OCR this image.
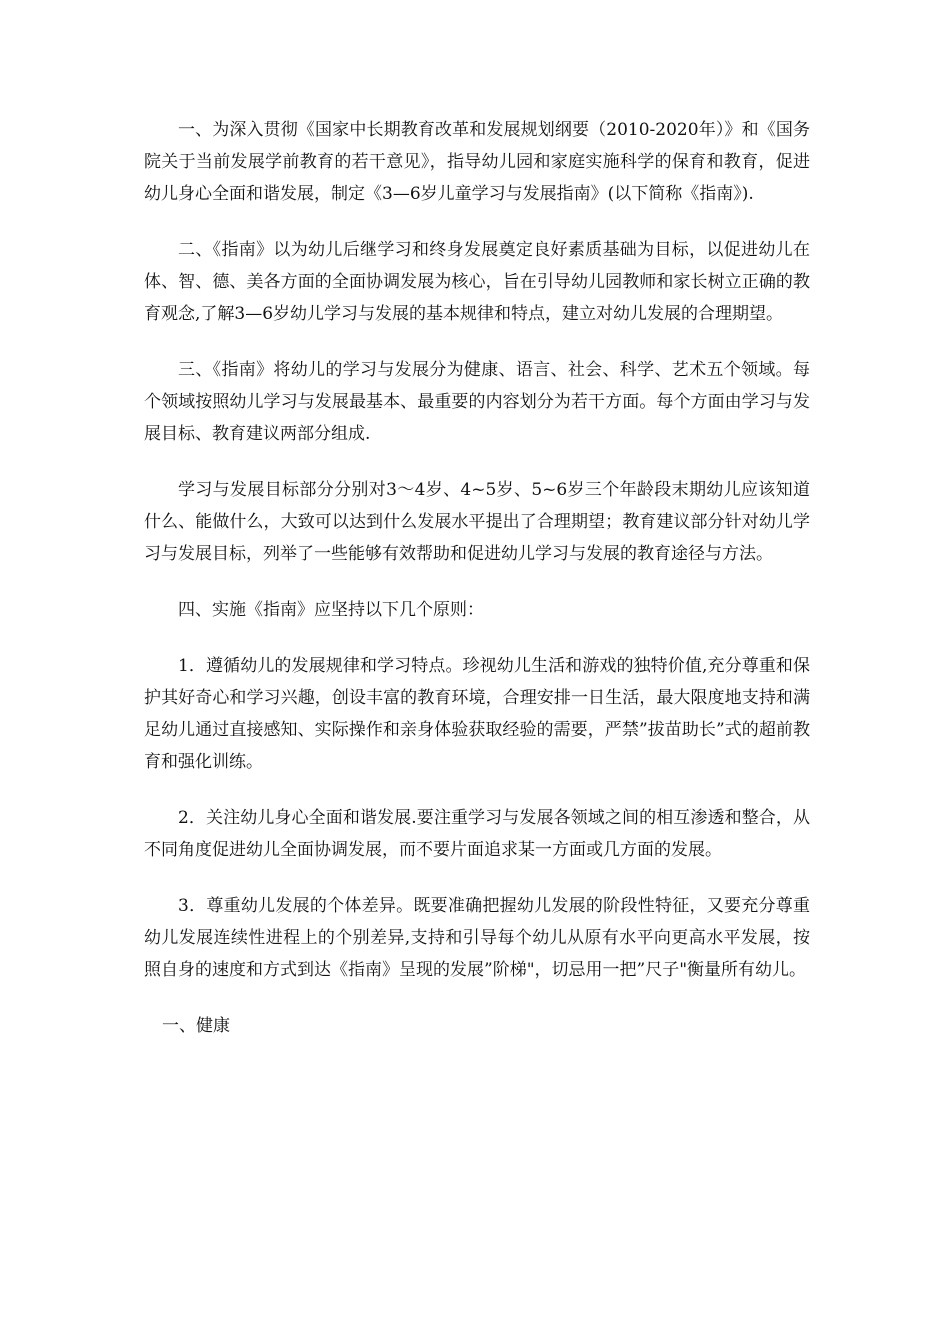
一、为深入贯彻《国家中长期教育改革和发展规划纲要（2010-2020年）》和《国务院关于当前发展学前教育的若干意见》，指导幼儿园和家庭实施科学的保育和教育，促进幼儿身心全面和谐发展，制定《3—6岁儿童学习与发展指南》(以下简称《指南》).

二、《指南》以为幼儿后继学习和终身发展奠定良好素质基础为目标，以促进幼儿在体、智、德、美各方面的全面协调发展为核心，旨在引导幼儿园教师和家长树立正确的教育观念,了解3—6岁幼儿学习与发展的基本规律和特点，建立对幼儿发展的合理期望。

三、《指南》将幼儿的学习与发展分为健康、语言、社会、科学、艺术五个领域。每个领域按照幼儿学习与发展最基本、最重要的内容划分为若干方面。每个方面由学习与发展目标、教育建议两部分组成.

学习与发展目标部分分别对3～4岁、4~5岁、5~6岁三个年龄段末期幼儿应该知道什么、能做什么，大致可以达到什么发展水平提出了合理期望；教育建议部分针对幼儿学习与发展目标，列举了一些能够有效帮助和促进幼儿学习与发展的教育途径与方法。

四、实施《指南》应坚持以下几个原则：

1．遵循幼儿的发展规律和学习特点。珍视幼儿生活和游戏的独特价值,充分尊重和保护其好奇心和学习兴趣，创设丰富的教育环境，合理安排一日生活，最大限度地支持和满足幼儿通过直接感知、实际操作和亲身体验获取经验的需要，严禁”拔苗助长”式的超前教育和强化训练。

2．关注幼儿身心全面和谐发展.要注重学习与发展各领域之间的相互渗透和整合，从不同角度促进幼儿全面协调发展，而不要片面追求某一方面或几方面的发展。

3．尊重幼儿发展的个体差异。既要准确把握幼儿发展的阶段性特征，又要充分尊重幼儿发展连续性进程上的个别差异,支持和引导每个幼儿从原有水平向更高水平发展，按照自身的速度和方式到达《指南》呈现的发展”阶梯"，切忌用一把”尺子"衡量所有幼儿。

一、健康
